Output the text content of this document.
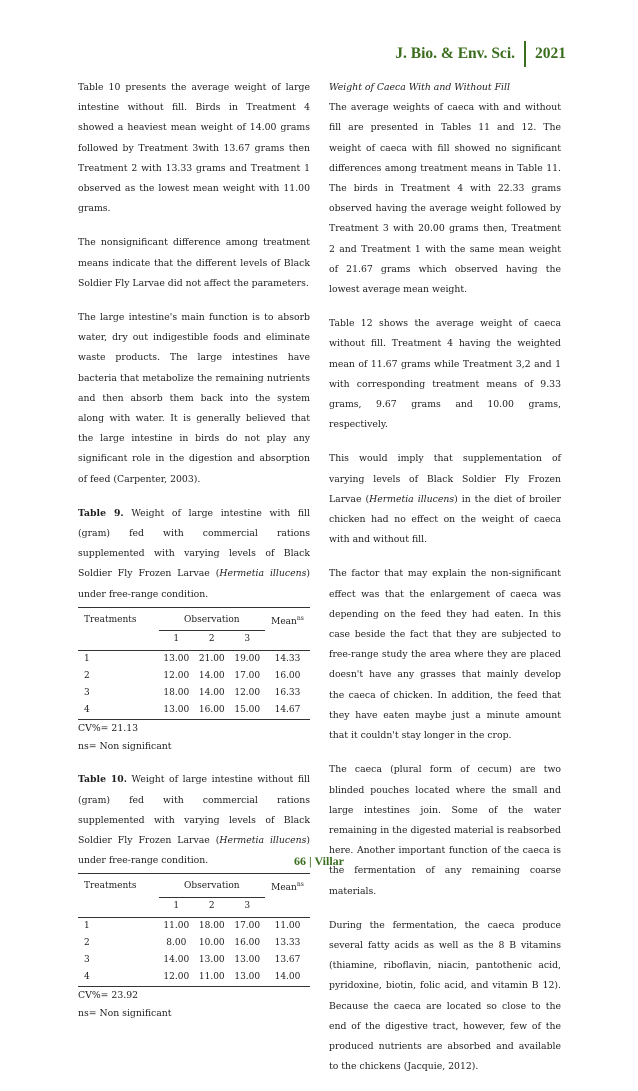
J. Bio. & Env. Sci. 2021

Table 10 presents the average weight of large intestine without fill. Birds in Treatment 4 showed a heaviest mean weight of 14.00 grams followed by Treatment 3with 13.67 grams then Treatment 2 with 13.33 grams and Treatment 1 observed as the lowest mean weight with 11.00 grams.

The nonsignificant difference among treatment means indicate that the different levels of Black Soldier Fly Larvae did not affect the parameters.

The large intestine's main function is to absorb water, dry out indigestible foods and eliminate waste products. The large intestines have bacteria that metabolize the remaining nutrients and then absorb them back into the system along with water. It is generally believed that the large intestine in birds do not play any significant role in the digestion and absorption of feed (Carpenter, 2003).

Table 9. Weight of large intestine with fill (gram) fed with commercial rations supplemented with varying levels of Black Soldier Fly Frozen Larvae (Hermetia illucens) under free-range condition.

Treatments	Observation			Mean$^{ns}$
	1	2	3	
1	13.00	21.00	19.00	14.33
2	12.00	14.00	17.00	16.00
3	18.00	14.00	12.00	16.33
4	13.00	16.00	15.00	14.67

CV%= 21.13

ns= Non significant

Table 10. Weight of large intestine without fill (gram) fed with commercial rations supplemented with varying levels of Black Soldier Fly Frozen Larvae (Hermetia illucens) under free-range condition.

Treatments	Observation			Mean$^{ns}$
	1	2	3	
1	11.00	18.00	17.00	11.00
2	8.00	10.00	16.00	13.33
3	14.00	13.00	13.00	13.67
4	12.00	11.00	13.00	14.00

CV%= 23.92

ns= Non significant

Weight of Caeca With and Without Fill

The average weights of caeca with and without fill are presented in Tables 11 and 12. The weight of caeca with fill showed no significant differences among treatment means in Table 11. The birds in Treatment 4 with 22.33 grams observed having the average weight followed by Treatment 3 with 20.00 grams then, Treatment 2 and Treatment 1 with the same mean weight of 21.67 grams which observed having the lowest average mean weight.

Table 12 shows the average weight of caeca without fill. Treatment 4 having the weighted mean of 11.67 grams while Treatment 3,2 and 1 with corresponding treatment means of 9.33 grams, 9.67 grams and 10.00 grams, respectively.

This would imply that supplementation of varying levels of Black Soldier Fly Frozen Larvae (Hermetia illucens) in the diet of broiler chicken had no effect on the weight of caeca with and without fill.

The factor that may explain the non-significant effect was that the enlargement of caeca was depending on the feed they had eaten. In this case beside the fact that they are subjected to free-range study the area where they are placed doesn't have any grasses that mainly develop the caeca of chicken. In addition, the feed that they have eaten maybe just a minute amount that it couldn't stay longer in the crop.

The caeca (plural form of cecum) are two blinded pouches located where the small and large intestines join. Some of the water remaining in the digested material is reabsorbed here. Another important function of the caeca is the fermentation of any remaining coarse materials.

During the fermentation, the caeca produce several fatty acids as well as the 8 B vitamins (thiamine, riboflavin, niacin, pantothenic acid, pyridoxine, biotin, folic acid, and vitamin B 12). Because the caeca are located so close to the end of the digestive tract, however, few of the produced nutrients are absorbed and available to the chickens (Jacquie, 2012).

66 | Villar
